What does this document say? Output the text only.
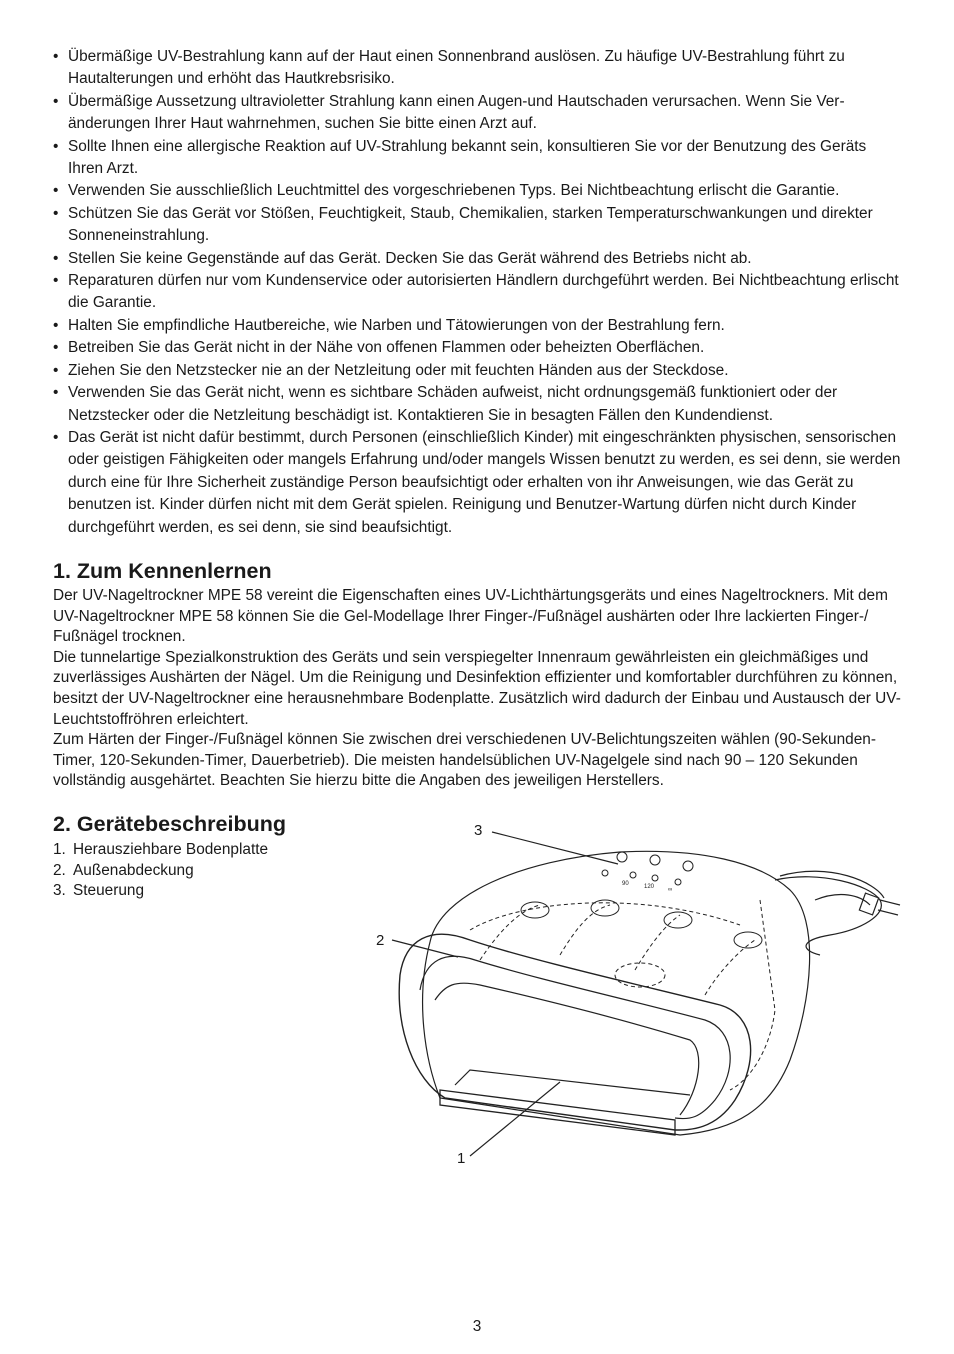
• Übermäßige UV-Bestrahlung kann auf der Haut einen Sonnenbrand auslösen. Zu häufige UV-Bestrahlung führt zu Hautalterungen und erhöht das Hautkrebsrisiko.
• Übermäßige Aussetzung ultravioletter Strahlung kann einen Augen-und Hautschaden verursachen. Wenn Sie Veränderungen Ihrer Haut wahrnehmen, suchen Sie bitte einen Arzt auf.
• Sollte Ihnen eine allergische Reaktion auf UV-Strahlung bekannt sein, konsultieren Sie vor der Benutzung des Geräts Ihren Arzt.
• Verwenden Sie ausschließlich Leuchtmittel des vorgeschriebenen Typs. Bei Nichtbeachtung erlischt die Garantie.
• Schützen Sie das Gerät vor Stößen, Feuchtigkeit, Staub, Chemikalien, starken Temperaturschwankungen und direkter Sonneneinstrahlung.
• Stellen Sie keine Gegenstände auf das Gerät. Decken Sie das Gerät während des Betriebs nicht ab.
• Reparaturen dürfen nur vom Kundenservice oder autorisierten Händlern durchgeführt werden. Bei Nichtbeachtung erlischt die Garantie.
• Halten Sie empfindliche Hautbereiche, wie Narben und Tätowierungen von der Bestrahlung fern.
• Betreiben Sie das Gerät nicht in der Nähe von offenen Flammen oder beheizten Oberflächen.
• Ziehen Sie den Netzstecker nie an der Netzleitung oder mit feuchten Händen aus der Steckdose.
• Verwenden Sie das Gerät nicht, wenn es sichtbare Schäden aufweist, nicht ordnungsgemäß funktioniert oder der Netzstecker oder die Netzleitung beschädigt ist. Kontaktieren Sie in besagten Fällen den Kundendienst.
• Das Gerät ist nicht dafür bestimmt, durch Personen (einschließlich Kinder) mit eingeschränkten physischen, sensorischen oder geistigen Fähigkeiten oder mangels Erfahrung und/oder mangels Wissen benutzt zu werden, es sei denn, sie werden durch eine für Ihre Sicherheit zuständige Person beaufsichtigt oder erhalten von ihr Anweisungen, wie das Gerät zu benutzen ist. Kinder dürfen nicht mit dem Gerät spielen. Reinigung und Benutzer-Wartung dürfen nicht durch Kinder durchgeführt werden, es sei denn, sie sind beaufsichtigt.
1. Zum Kennenlernen

Der UV-Nageltrockner MPE 58 vereint die Eigenschaften eines UV-Lichthärtungsgeräts und eines Nageltrockners. Mit dem UV-Nageltrockner MPE 58 können Sie die Gel-Modellage Ihrer Finger-/Fußnägel aushärten oder Ihre lackierten Finger-/ Fußnägel trocknen.

Die tunnelartige Spezialkonstruktion des Geräts und sein verspiegelter Innenraum gewährleisten ein gleichmäßiges und zuverlässiges Aushärten der Nägel. Um die Reinigung und Desinfektion effizienter und komfortabler durchführen zu können, besitzt der UV-Nageltrockner eine herausnehmbare Bodenplatte. Zusätzlich wird dadurch der Einbau und Austausch der UV-Leuchtstoffröhren erleichtert.

Zum Härten der Finger-/Fußnägel können Sie zwischen drei verschiedenen UV-Belichtungszeiten wählen (90-Sekunden-Timer, 120-Sekunden-Timer, Dauerbetrieb). Die meisten handelsüblichen UV-Nagelgele sind nach 90 – 120 Sekunden vollständig ausgehärtet. Beachten Sie hierzu bitte die Angaben des jeweiligen Herstellers.

2. Gerätebeschreibung
1. Herausziehbare Bodenplatte
2. Außenabdeckung
3. Steuerung
3
2
1
90	120 ∞
3
